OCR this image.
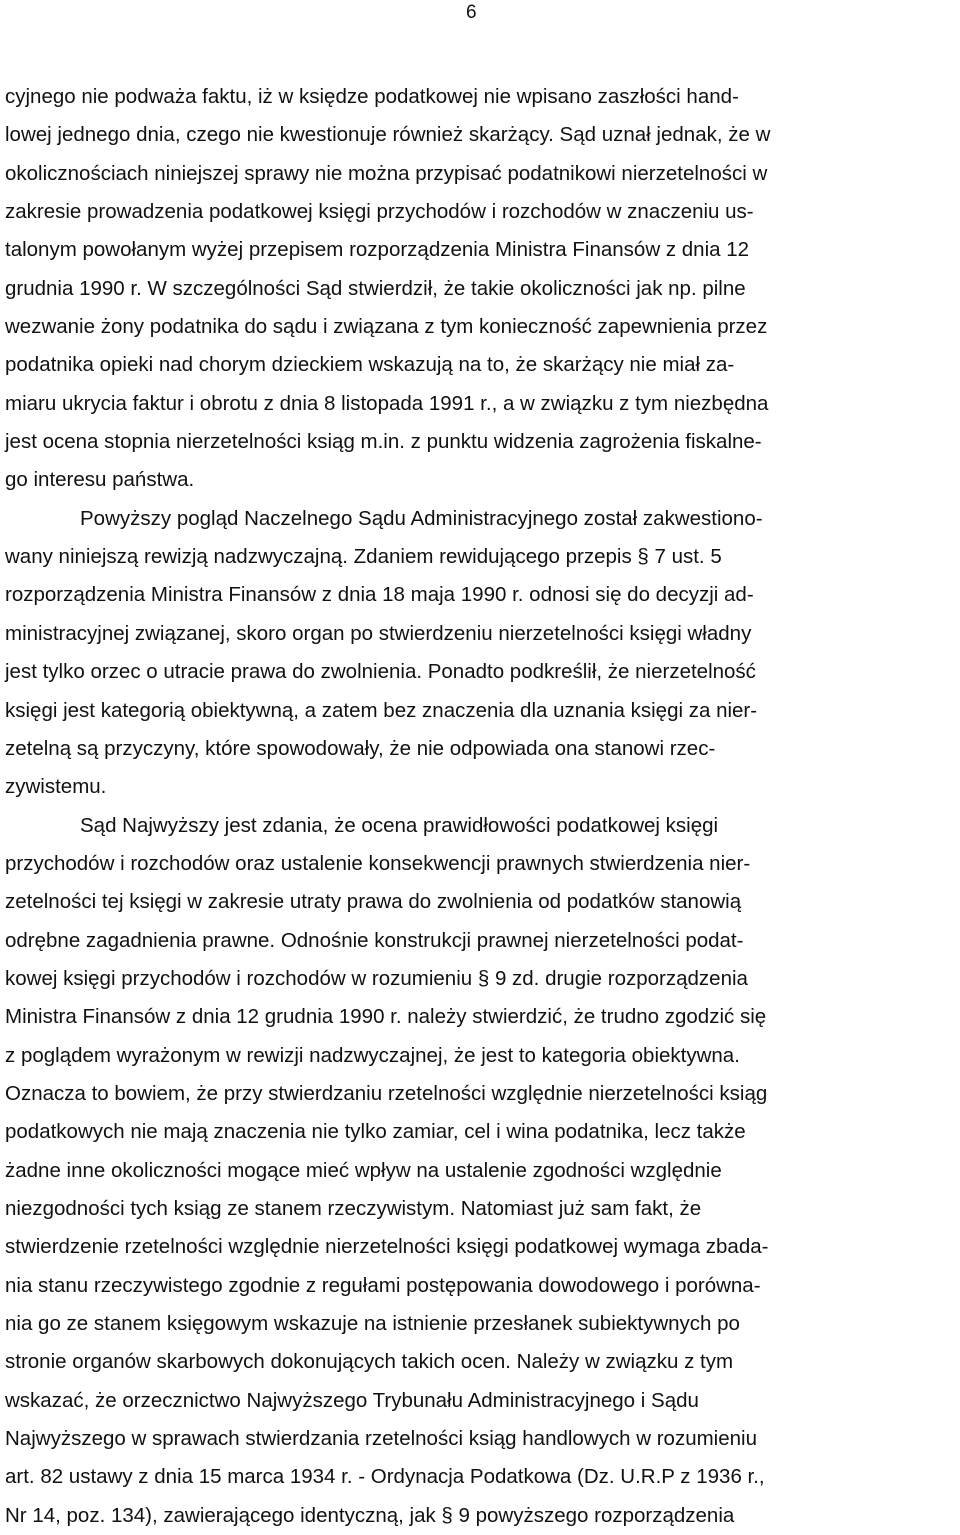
6
cyjnego nie podważa faktu, iż w księdze podatkowej nie wpisano zaszłości hand-
lowej jednego dnia, czego nie kwestionuje również skarżący. Sąd uznał jednak, że w
okolicznościach niniejszej sprawy nie można przypisać podatnikowi nierzetelności w
zakresie prowadzenia podatkowej księgi przychodów i rozchodów w znaczeniu us-
talonym powołanym wyżej przepisem rozporządzenia Ministra Finansów z dnia 12
grudnia 1990 r. W szczególności Sąd stwierdził, że takie okoliczności jak np. pilne
wezwanie żony podatnika do sądu i związana z tym konieczność zapewnienia przez
podatnika opieki nad chorym dzieckiem wskazują na to, że skarżący nie miał za-
miaru ukrycia faktur i obrotu z dnia 8 listopada 1991 r., a w związku z tym niezbędna
jest ocena stopnia nierzetelności ksiąg m.in. z punktu widzenia zagrożenia fiskalne-
go interesu państwa.
Powyższy pogląd Naczelnego Sądu Administracyjnego został zakwestiono-
wany niniejszą rewizją nadzwyczajną. Zdaniem rewidującego przepis § 7 ust. 5
rozporządzenia Ministra Finansów z dnia 18 maja 1990 r. odnosi się do decyzji ad-
ministracyjnej związanej, skoro organ po stwierdzeniu nierzetelności księgi władny
jest tylko orzec o utracie prawa do zwolnienia. Ponadto podkreślił, że nierzetelność
księgi jest kategorią obiektywną, a zatem bez znaczenia dla uznania księgi za nier-
zetelną są przyczyny, które spowodowały, że nie odpowiada ona stanowi rzec-
zywistemu.
Sąd Najwyższy jest zdania, że ocena prawidłowości podatkowej księgi
przychodów i rozchodów oraz ustalenie konsekwencji prawnych stwierdzenia nier-
zetelności tej księgi w zakresie utraty prawa do zwolnienia od podatków stanowią
odrębne zagadnienia prawne. Odnośnie konstrukcji prawnej nierzetelności podat-
kowej księgi przychodów i rozchodów w rozumieniu § 9 zd. drugie rozporządzenia
Ministra Finansów z dnia 12 grudnia 1990 r. należy stwierdzić, że trudno zgodzić się
z poglądem wyrażonym w rewizji nadzwyczajnej, że jest to kategoria obiektywna.
Oznacza to bowiem, że przy stwierdzaniu rzetelności względnie nierzetelności ksiąg
podatkowych nie mają znaczenia nie tylko zamiar, cel i wina podatnika, lecz także
żadne inne okoliczności mogące mieć wpływ na ustalenie zgodności względnie
niezgodności tych ksiąg ze stanem rzeczywistym. Natomiast już sam fakt, że
stwierdzenie rzetelności względnie nierzetelności księgi podatkowej wymaga zbada-
nia stanu rzeczywistego zgodnie z regułami postępowania dowodowego i porówna-
nia go ze stanem księgowym wskazuje na istnienie przesłanek subiektywnych po
stronie organów skarbowych dokonujących takich ocen. Należy w związku z tym
wskazać, że orzecznictwo Najwyższego Trybunału Administracyjnego i Sądu
Najwyższego w sprawach stwierdzania rzetelności ksiąg handlowych w rozumieniu
art. 82 ustawy z dnia 15 marca 1934 r. - Ordynacja Podatkowa (Dz. U.R.P z 1936 r.,
Nr 14, poz. 134), zawierającego identyczną, jak § 9 powyższego rozporządzenia
